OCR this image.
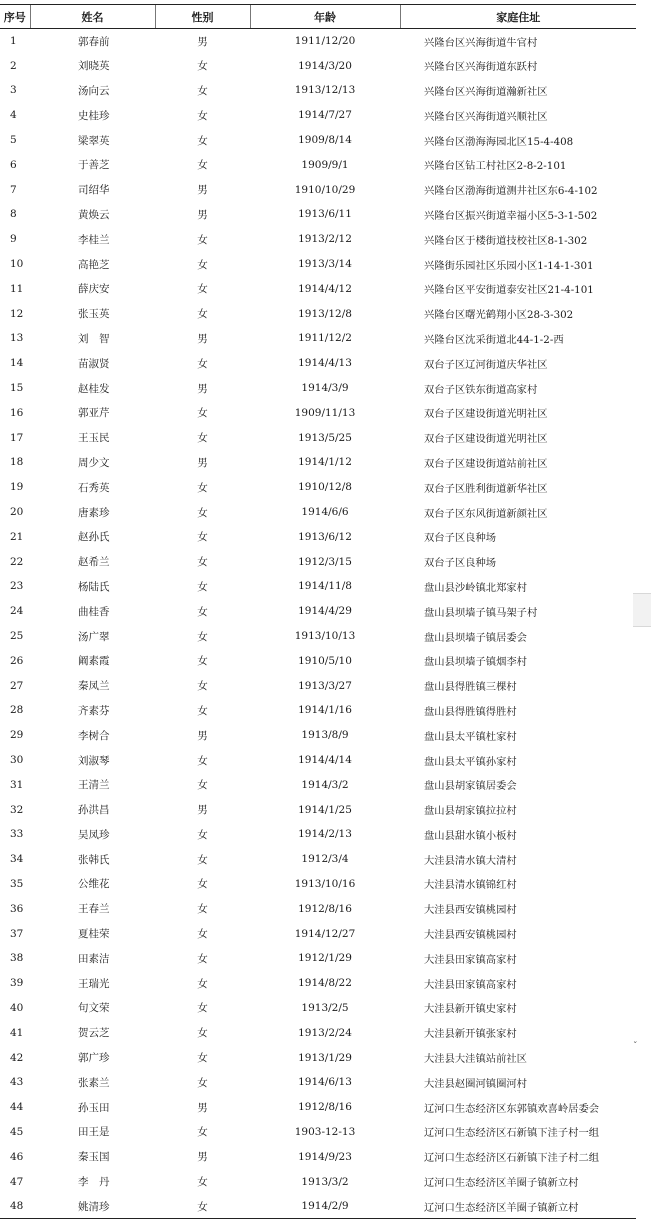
序号	姓名	性别	年龄	家庭住址
1	郭春前	男	1911/12/20	兴隆台区兴海街道牛官村
2	刘晓英	女	1914/3/20	兴隆台区兴海街道东跃村
3	汤向云	女	1913/12/13	兴隆台区兴海街道瀚新社区
4	史桂珍	女	1914/7/27	兴隆台区兴海街道兴顺社区
5	梁翠英	女	1909/8/14	兴隆台区渤海海园北区15-4-408
6	于善芝	女	1909/9/1	兴隆台区钻工村社区2-8-2-101
7	司绍华	男	1910/10/29	兴隆台区渤海街道测井社区东6-4-102
8	黄焕云	男	1913/6/11	兴隆台区振兴街道幸福小区5-3-1-502
9	李桂兰	女	1913/2/12	兴隆台区于楼街道技校社区8-1-302
10	高艳芝	女	1913/3/14	兴隆街乐园社区乐园小区1-14-1-301
11	薛庆安	女	1914/4/12	兴隆台区平安街道泰安社区21-4-101
12	张玉英	女	1913/12/8	兴隆台区曙光鹤翔小区28-3-302
13	刘　智	男	1911/12/2	兴隆台区沈采街道北44-1-2-西
14	苗淑贤	女	1914/4/13	双台子区辽河街道庆华社区
15	赵桂发	男	1914/3/9	双台子区铁东街道高家村
16	郭亚芹	女	1909/11/13	双台子区建设街道光明社区
17	王玉民	女	1913/5/25	双台子区建设街道光明社区
18	周少文	男	1914/1/12	双台子区建设街道站前社区
19	石秀英	女	1910/12/8	双台子区胜利街道新华社区
20	唐素珍	女	1914/6/6	双台子区东风街道新颜社区
21	赵孙氏	女	1913/6/12	双台子区良种场
22	赵希兰	女	1912/3/15	双台子区良种场
23	杨陆氏	女	1914/11/8	盘山县沙岭镇北郑家村
24	曲桂香	女	1914/4/29	盘山县坝墙子镇马架子村
25	汤广翠	女	1913/10/13	盘山县坝墙子镇居委会
26	阚素霞	女	1910/5/10	盘山县坝墙子镇烟李村
27	秦凤兰	女	1913/3/27	盘山县得胜镇三棵村
28	齐素芬	女	1914/1/16	盘山县得胜镇得胜村
29	李树合	男	1913/8/9	盘山县太平镇杜家村
30	刘淑琴	女	1914/4/14	盘山县太平镇孙家村
31	王清兰	女	1914/3/2	盘山县胡家镇居委会
32	孙洪昌	男	1914/1/25	盘山县胡家镇拉拉村
33	吴凤珍	女	1914/2/13	盘山县甜水镇小板村
34	张韩氏	女	1912/3/4	大洼县清水镇大清村
35	公维花	女	1913/10/16	大洼县清水镇锦红村
36	王春兰	女	1912/8/16	大洼县西安镇桃园村
37	夏桂荣	女	1914/12/27	大洼县西安镇桃园村
38	田素洁	女	1912/1/29	大洼县田家镇高家村
39	王瑞光	女	1914/8/22	大洼县田家镇高家村
40	句文荣	女	1913/2/5	大洼县新开镇史家村
41	贺云芝	女	1913/2/24	大洼县新开镇张家村
42	郭广珍	女	1913/1/29	大洼县大洼镇站前社区
43	张素兰	女	1914/6/13	大洼县赵圈河镇圈河村
44	孙玉田	男	1912/8/16	辽河口生态经济区东郭镇欢喜岭居委会
45	田王是	女	1903-12-13	辽河口生态经济区石新镇下洼子村一组
46	秦玉国	男	1914/9/23	辽河口生态经济区石新镇下洼子村二组
47	李　丹	女	1913/3/2	辽河口生态经济区羊圈子镇新立村
48	姚清珍	女	1914/2/9	辽河口生态经济区羊圈子镇新立村
ˇ
